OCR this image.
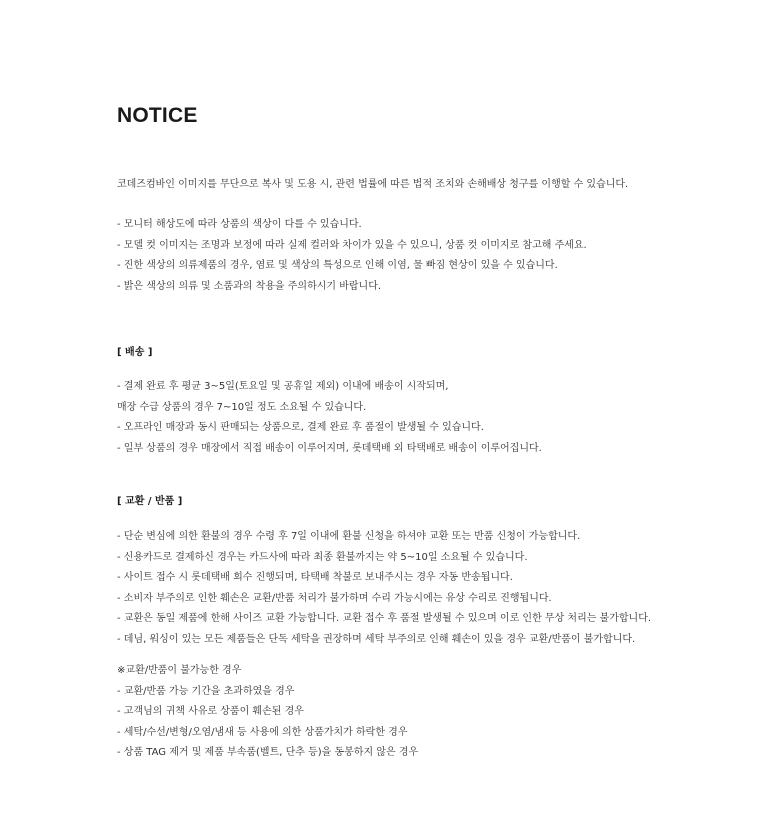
NOTICE
코데즈컴바인 이미지를 무단으로 복사 및 도용 시, 관련 법률에 따른 법적 조치와 손해배상 청구를 이행할 수 있습니다.
- 모니터 해상도에 따라 상품의 색상이 다를 수 있습니다.
- 모델 컷 이미지는 조명과 보정에 따라 실제 컬러와 차이가 있을 수 있으니, 상품 컷 이미지로 참고해 주세요.
- 진한 색상의 의류제품의 경우, 염료 및 색상의 특성으로 인해 이염, 물 빠짐 현상이 있을 수 있습니다.
- 밝은 색상의 의류 및 소품과의 착용을 주의하시기 바랍니다.
[ 배송 ]
- 결제 완료 후 평균 3~5일(토요일 및 공휴일 제외) 이내에 배송이 시작되며,
매장 수급 상품의 경우 7~10일 정도 소요될 수 있습니다.
- 오프라인 매장과 동시 판매되는 상품으로, 결제 완료 후 품절이 발생될 수 있습니다.
- 일부 상품의 경우 매장에서 직접 배송이 이루어지며, 롯데택배 외 타택배로 배송이 이루어집니다.
[ 교환 / 반품 ]
- 단순 변심에 의한 환불의 경우 수령 후 7일 이내에 환불 신청을 하셔야 교환 또는 반품 신청이 가능합니다.
- 신용카드로 결제하신 경우는 카드사에 따라 최종 환불까지는 약 5~10일 소요될 수 있습니다.
- 사이트 접수 시 롯데택배 회수 진행되며, 타택배 착불로 보내주시는 경우 자동 반송됩니다.
- 소비자 부주의로 인한 훼손은 교환/반품 처리가 불가하며 수리 가능시에는 유상 수리로 진행됩니다.
- 교환은 동일 제품에 한해 사이즈 교환 가능합니다. 교환 접수 후 품절 발생될 수 있으며 이로 인한 무상 처리는 불가합니다.
- 데님, 워싱이 있는 모든 제품들은 단독 세탁을 권장하며 세탁 부주의로 인해 훼손이 있을 경우 교환/반품이 불가합니다.
※교환/반품이 불가능한 경우
- 교환/반품 가능 기간을 초과하였을 경우
- 고객님의 귀책 사유로 상품이 훼손된 경우
- 세탁/수선/변형/오염/냄새 등 사용에 의한 상품가치가 하락한 경우
- 상품 TAG 제거 및 제품 부속품(벨트, 단추 등)을 동봉하지 않은 경우
